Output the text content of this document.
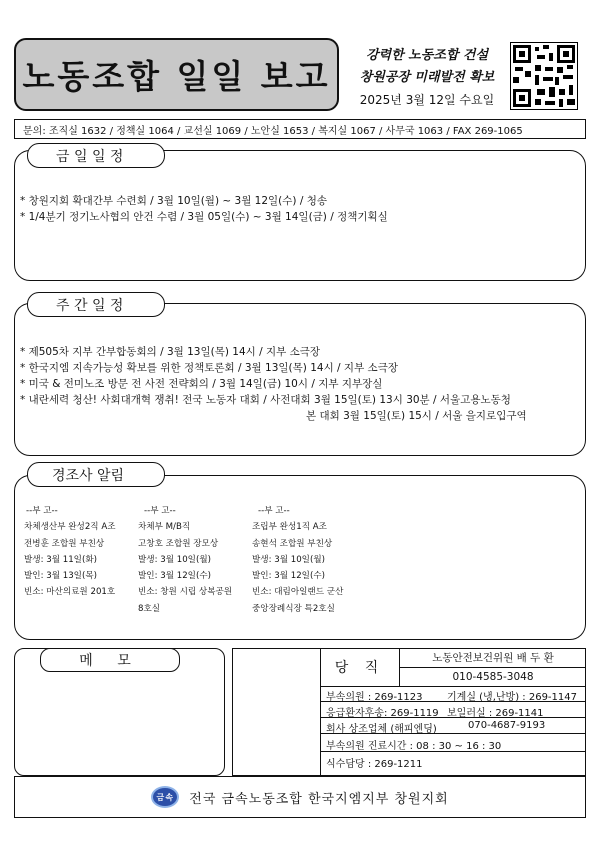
노동조합 일일 보고
강력한 노동조합 건설
창원공장 미래발전 확보
2025년 3월 12일 수요일
문의: 조직실 1632 / 정책실 1064 / 교선실 1069 / 노안실 1653 / 복지실 1067 / 사무국 1063 / FAX 269-1065
금 일 일 정
* 창원지회 확대간부 수련회 / 3월 10일(월) ~ 3월 12일(수) / 청송
* 1/4분기 정기노사협의 안건 수렴 / 3월 05일(수) ~ 3월 14일(금) / 정책기획실
주 간 일 정
* 제505차 지부 간부합동회의 / 3월 13일(목) 14시 / 지부 소극장
* 한국지엠 지속가능성 확보를 위한 정책토론회 / 3월 13일(목) 14시 / 지부 소극장
* 미국 & 전미노조 방문 전 사전 전략회의 / 3월 14일(금) 10시 / 지부 지부장실
* 내란세력 청산! 사회대개혁 쟁취! 전국 노동자 대회 / 사전대회 3월 15일(토) 13시 30분 / 서울고용노동청
본 대회 3월 15일(토) 15시 / 서울 을지로입구역
경조사 알림
--부 고--
차체생산부 완성2직 A조
전병훈 조합원 부친상
발생: 3월 11일(화)
발인: 3월 13일(목)
빈소: 마산의료원 201호
--부 고--
차체부 M/B직
고창호 조합원 장모상
발생: 3월 10일(월)
발인: 3월 12일(수)
빈소: 창원 시립 상복공원
8호실
--부 고--
조립부 완성1직 A조
송현석 조합원 부친상
발생: 3월 10일(월)
발인: 3월 12일(수)
빈소: 대림아일랜드 군산
중앙장례식장 특2호실
메 모	당 직
노동안전보건위원 배 두 환
010-4585-3048
부속의원 : 269-1123 기계실 (냉,난방) : 269-1147
응급환자후송: 269-1119 보일러실 : 269-1141
회사 상조업체 (해피엔딩)	070-4687-9193
부속의원 진료시간 : 08 : 30 ~ 16 : 30
식수담당 : 269-1211
금속 전국 금속노동조합 한국지엠지부 창원지회
